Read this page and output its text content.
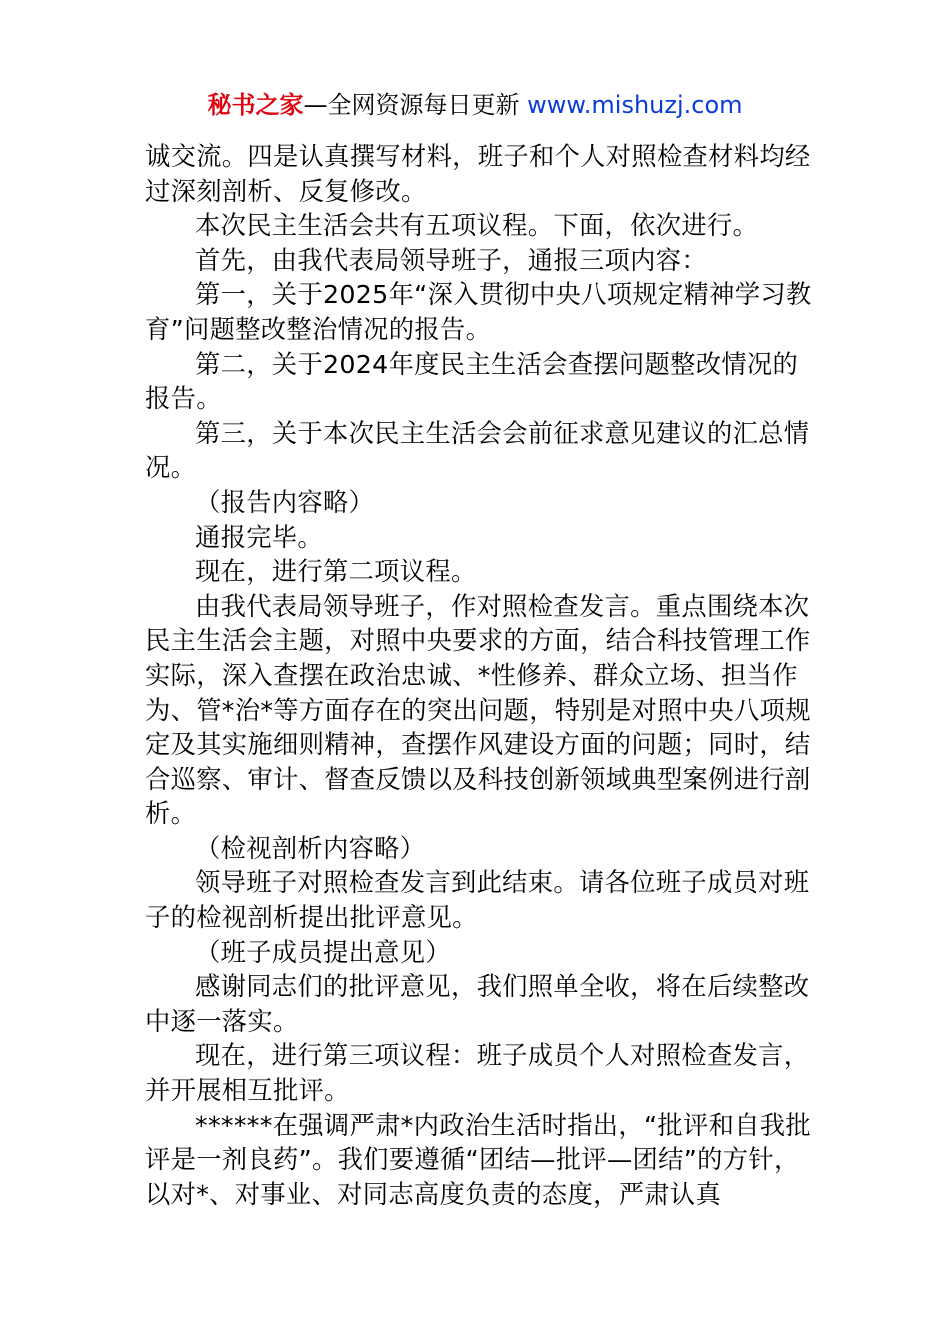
秘书之家—全网资源每日更新 www.mishuzj.com

诚交流。四是认真撰写材料，班子和个人对照检查材料均经过深刻剖析、反复修改。

本次民主生活会共有五项议程。下面，依次进行。

首先，由我代表局领导班子，通报三项内容：

第一，关于2025年“深入贯彻中央八项规定精神学习教育”问题整改整治情况的报告。

第二，关于2024年度民主生活会查摆问题整改情况的报告。

第三，关于本次民主生活会会前征求意见建议的汇总情况。

（报告内容略）

通报完毕。

现在，进行第二项议程。

由我代表局领导班子，作对照检查发言。重点围绕本次民主生活会主题，对照中央要求的方面，结合科技管理工作实际，深入查摆在政治忠诚、*性修养、群众立场、担当作为、管*治*等方面存在的突出问题，特别是对照中央八项规定及其实施细则精神，查摆作风建设方面的问题；同时，结合巡察、审计、督查反馈以及科技创新领域典型案例进行剖析。

（检视剖析内容略）

领导班子对照检查发言到此结束。请各位班子成员对班子的检视剖析提出批评意见。

（班子成员提出意见）

感谢同志们的批评意见，我们照单全收，将在后续整改中逐一落实。

现在，进行第三项议程：班子成员个人对照检查发言，并开展相互批评。

******在强调严肃*内政治生活时指出，“批评和自我批评是一剂良药”。我们要遵循“团结—批评—团结”的方针，以对*、对事业、对同志高度负责的态度，严肃认真
